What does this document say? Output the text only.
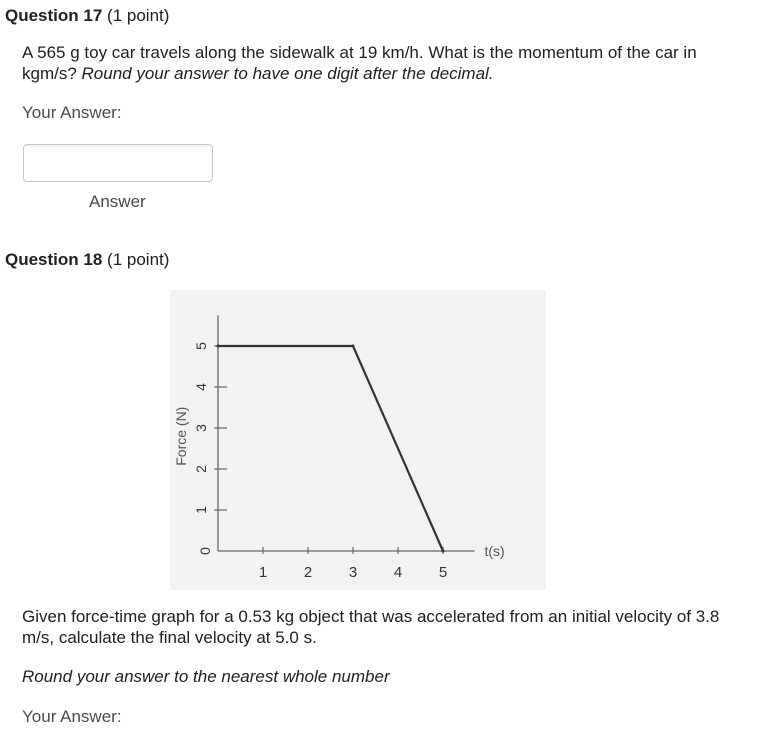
Question 17 (1 point)
A 565 g toy car travels along the sidewalk at 19 km/h. What is the momentum of the car in kgm/s? Round your answer to have one digit after the decimal.
Your Answer:
Answer
Question 18 (1 point)
1 2 3 4 5
1
2
3
4
5
0
Force (N)
t(s)
Given force-time graph for a 0.53 kg object that was accelerated from an initial velocity of 3.8 m/s, calculate the final velocity at 5.0 s.
Round your answer to the nearest whole number
Your Answer:
